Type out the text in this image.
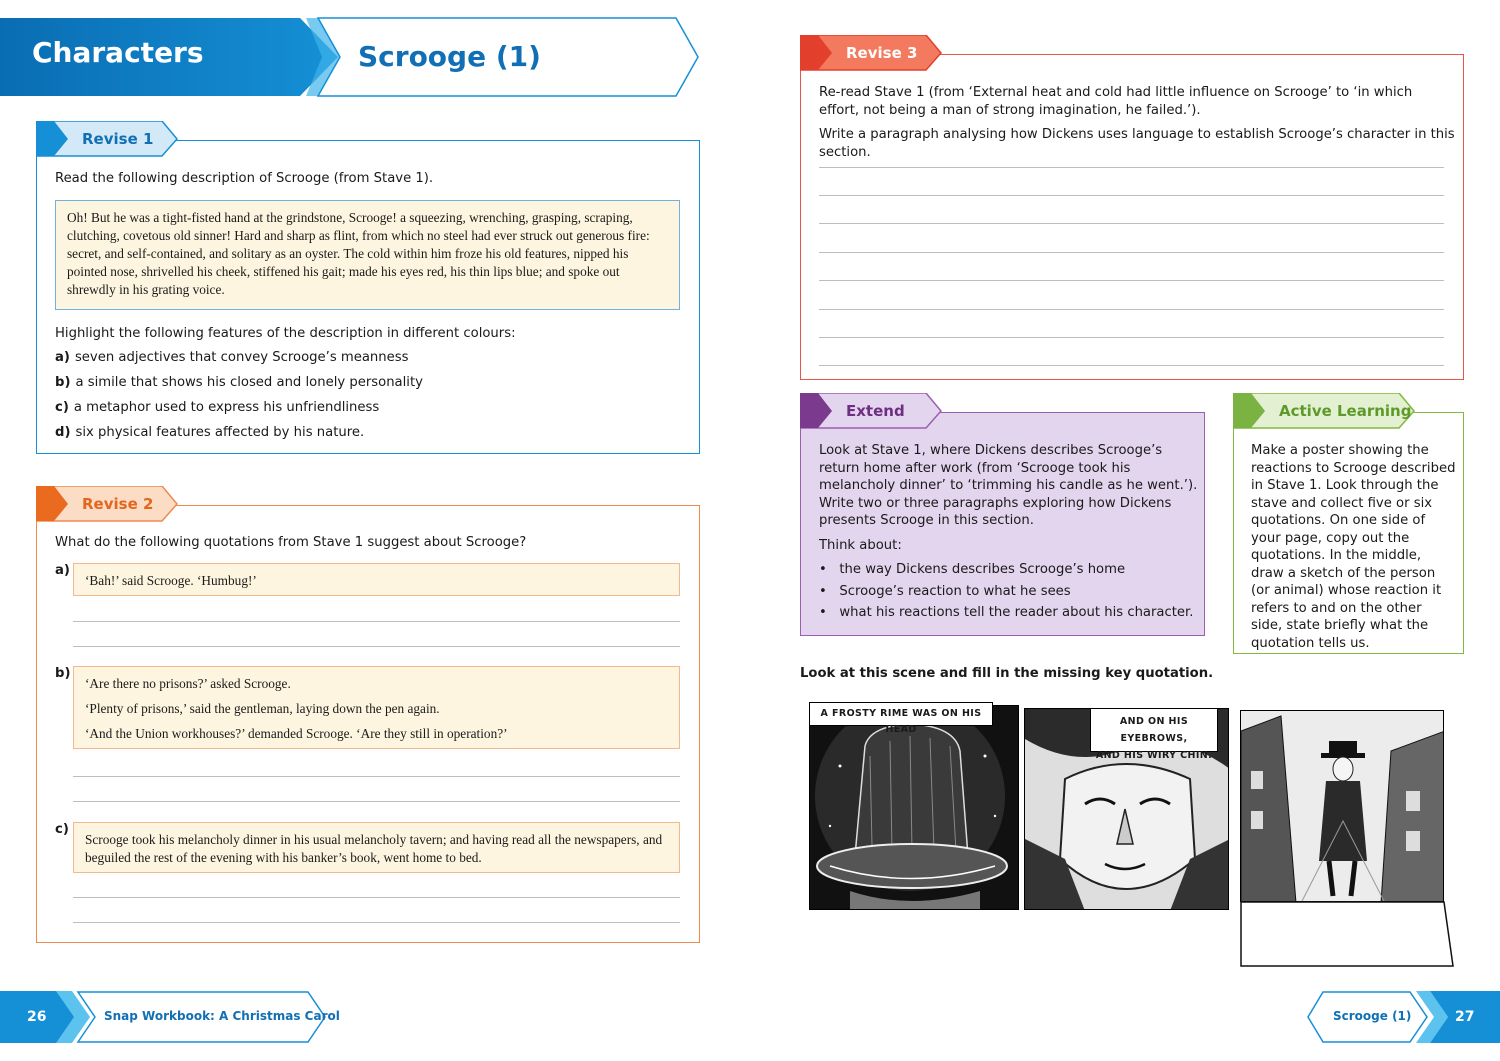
Characters	Scrooge (1)
Revise 1
Read the following description of Scrooge (from Stave 1).
Oh! But he was a tight-fisted hand at the grindstone, Scrooge! a squeezing, wrenching, grasping, scraping, clutching, covetous old sinner! Hard and sharp as flint, from which no steel had ever struck out generous fire: secret, and self-contained, and solitary as an oyster. The cold within him froze his old features, nipped his pointed nose, shrivelled his cheek, stiffened his gait; made his eyes red, his thin lips blue; and spoke out shrewdly in his grating voice.
Highlight the following features of the description in different colours:
a) seven adjectives that convey Scrooge’s meanness
b) a simile that shows his closed and lonely personality
c) a metaphor used to express his unfriendliness
d) six physical features affected by his nature.
Revise 2
What do the following quotations from Stave 1 suggest about Scrooge?
a)
‘Bah!’ said Scrooge. ‘Humbug!’
b)
‘Are there no prisons?’ asked Scrooge.
‘Plenty of prisons,’ said the gentleman, laying down the pen again.
‘And the Union workhouses?’ demanded Scrooge. ‘Are they still in operation?’
c)
Scrooge took his melancholy dinner in his usual melancholy tavern; and having read all the newspapers, and beguiled the rest of the evening with his banker’s book, went home to bed.
Revise 3
Re-read Stave 1 (from ‘External heat and cold had little influence on Scrooge’ to ‘in which effort, not being a man of strong imagination, he failed.’).
Write a paragraph analysing how Dickens uses language to establish Scrooge’s character in this section.
Extend
Look at Stave 1, where Dickens describes Scrooge’s return home after work (from ‘Scrooge took his melancholy dinner’ to ‘trimming his candle as he went.’). Write two or three paragraphs exploring how Dickens presents Scrooge in this section.
Think about:
•   the way Dickens describes Scrooge’s home
•   Scrooge’s reaction to what he sees
•   what his reactions tell the reader about his character.
Active Learning
Make a poster showing the reactions to Scrooge described in Stave 1. Look through the stave and collect five or six quotations. On one side of your page, copy out the quotations. In the middle, draw a sketch of the person (or animal) whose reaction it refers to and on the other side, state briefly what the quotation tells us.
Look at this scene and fill in the missing key quotation.
A FROSTY RIME WAS ON HIS HEAD
AND ON HIS EYEBROWS,
AND HIS WIRY CHIN.
26	Snap Workbook: A Christmas Carol	Scrooge (1)	27
